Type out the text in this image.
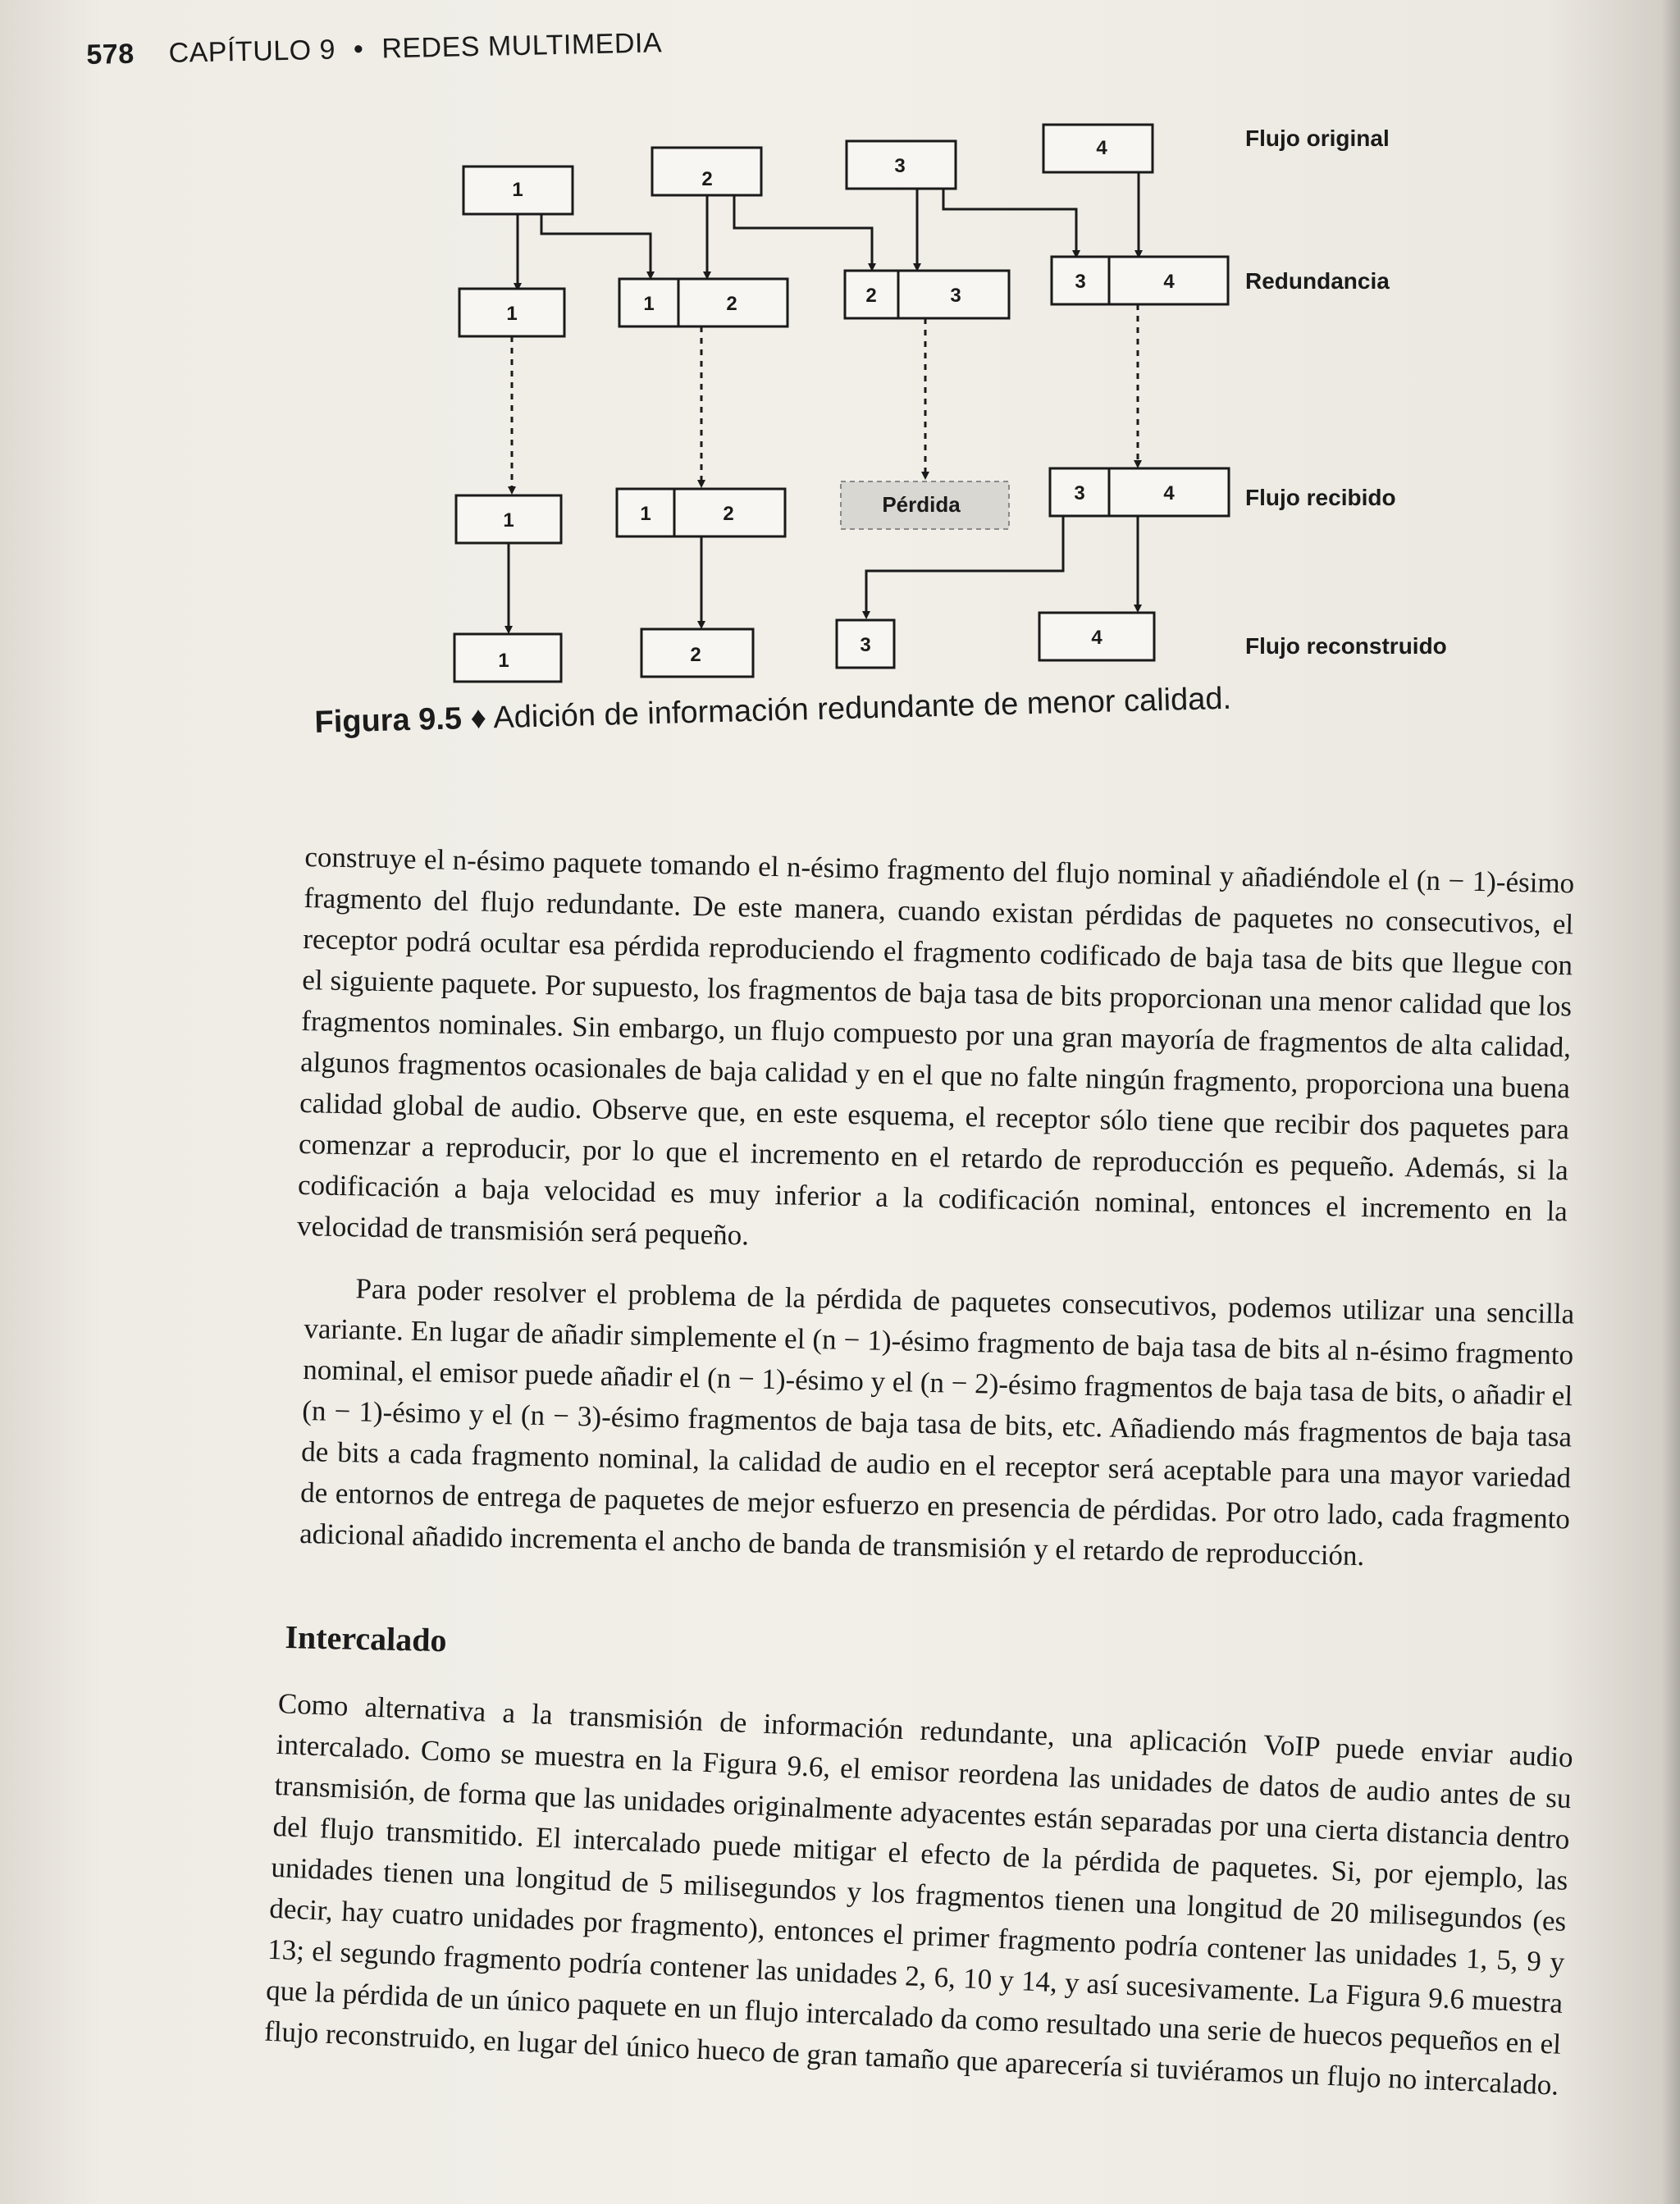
578 CAPÍTULO 9 • REDES MULTIMEDIA
1	2
3
4	Flujo original
1	1	2	2	3
3	4	Redundancia
1	1	2	Pérdida	3	4	Flujo recibido
1	2	3	4	Flujo reconstruido
Figura 9.5 ♦ Adición de información redundante de menor calidad.

construye el n-ésimo paquete tomando el n-ésimo fragmento del flujo nominal y añadiéndole el (n − 1)-ésimo fragmento del flujo redundante. De este manera, cuando existan pérdidas de paquetes no consecutivos, el receptor podrá ocultar esa pérdida reproduciendo el fragmento codificado de baja tasa de bits que llegue con el siguiente paquete. Por supuesto, los fragmentos de baja tasa de bits proporcionan una menor calidad que los fragmentos nominales. Sin embargo, un flujo compuesto por una gran mayoría de fragmentos de alta calidad, algunos fragmentos ocasionales de baja calidad y en el que no falte ningún fragmento, proporciona una buena calidad global de audio. Observe que, en este esquema, el receptor sólo tiene que recibir dos paquetes para comenzar a reproducir, por lo que el incremento en el retardo de reproducción es pequeño. Además, si la codificación a baja velocidad es muy inferior a la codificación nominal, entonces el incremento en la velocidad de transmisión será pequeño.

Para poder resolver el problema de la pérdida de paquetes consecutivos, podemos utilizar una sencilla variante. En lugar de añadir simplemente el (n − 1)-ésimo fragmento de baja tasa de bits al n-ésimo fragmento nominal, el emisor puede añadir el (n − 1)-ésimo y el (n − 2)-ésimo fragmentos de baja tasa de bits, o añadir el (n − 1)-ésimo y el (n − 3)-ésimo fragmentos de baja tasa de bits, etc. Añadiendo más fragmentos de baja tasa de bits a cada fragmento nominal, la calidad de audio en el receptor será aceptable para una mayor variedad de entornos de entrega de paquetes de mejor esfuerzo en presencia de pérdidas. Por otro lado, cada fragmento adicional añadido incrementa el ancho de banda de transmisión y el retardo de reproducción.

Intercalado

Como alternativa a la transmisión de información redundante, una aplicación VoIP puede enviar audio intercalado. Como se muestra en la Figura 9.6, el emisor reordena las unidades de datos de audio antes de su transmisión, de forma que las unidades originalmente adyacentes están separadas por una cierta distancia dentro del flujo transmitido. El intercalado puede mitigar el efecto de la pérdida de paquetes. Si, por ejemplo, las unidades tienen una longitud de 5 milisegundos y los fragmentos tienen una longitud de 20 milisegundos (es decir, hay cuatro unidades por fragmento), entonces el primer fragmento podría contener las unidades 1, 5, 9 y 13; el segundo fragmento podría contener las unidades 2, 6, 10 y 14, y así sucesivamente. La Figura 9.6 muestra que la pérdida de un único paquete en un flujo intercalado da como resultado una serie de huecos pequeños en el flujo reconstruido, en lugar del único hueco de gran tamaño que aparecería si tuviéramos un flujo no intercalado.
